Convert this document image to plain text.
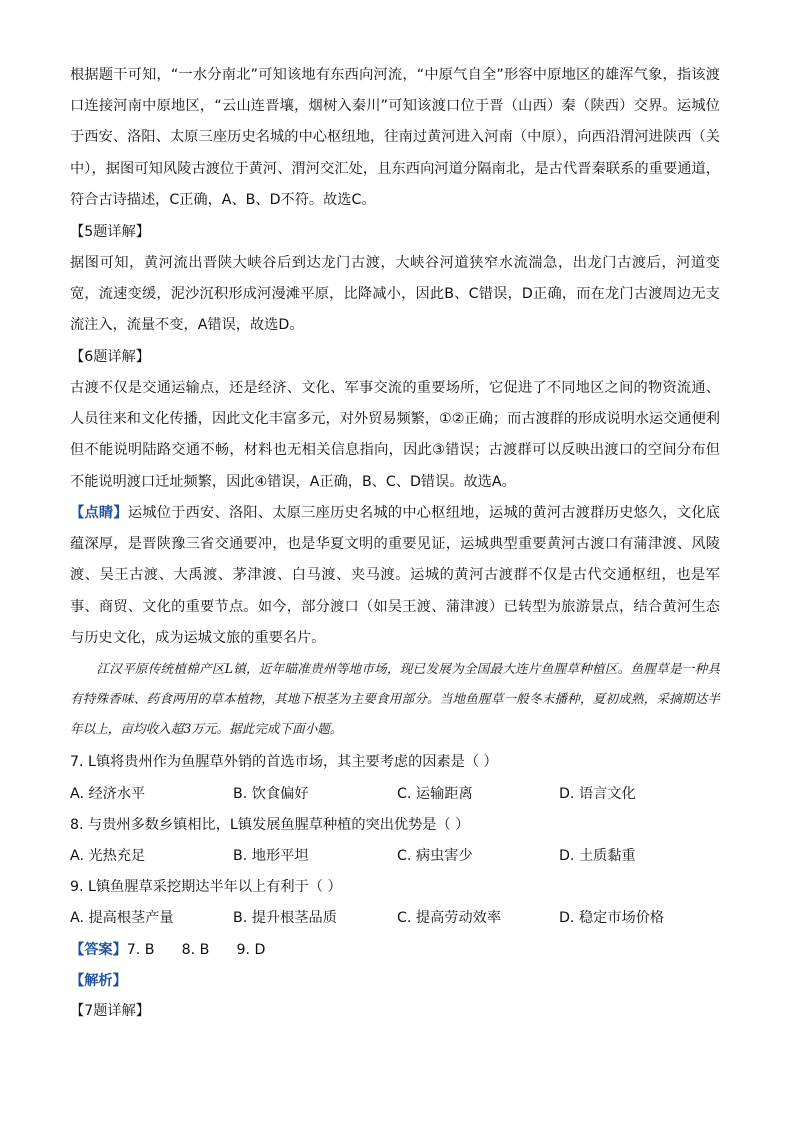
根据题干可知，“一水分南北”可知该地有东西向河流，“中原气自全”形容中原地区的雄浑气象，指该渡口连接河南中原地区，“云山连晋壤，烟树入秦川”可知该渡口位于晋（山西）秦（陕西）交界。运城位于西安、洛阳、太原三座历史名城的中心枢纽地，往南过黄河进入河南（中原），向西沿渭河进陕西（关中），据图可知风陵古渡位于黄河、渭河交汇处，且东西向河道分隔南北，是古代晋秦联系的重要通道，符合古诗描述，C正确，A、B、D不符。故选C。

【5题详解】

据图可知，黄河流出晋陕大峡谷后到达龙门古渡，大峡谷河道狭窄水流湍急，出龙门古渡后，河道变宽，流速变缓，泥沙沉积形成河漫滩平原，比降减小，因此B、C错误，D正确，而在龙门古渡周边无支流注入，流量不变，A错误，故选D。

【6题详解】

古渡不仅是交通运输点，还是经济、文化、军事交流的重要场所，它促进了不同地区之间的物资流通、人员往来和文化传播，因此文化丰富多元，对外贸易频繁，①②正确；而古渡群的形成说明水运交通便利但不能说明陆路交通不畅，材料也无相关信息指向，因此③错误；古渡群可以反映出渡口的空间分布但不能说明渡口迁址频繁，因此④错误，A正确，B、C、D错误。故选A。

【点睛】运城位于西安、洛阳、太原三座历史名城的中心枢纽地，运城的黄河古渡群历史悠久，文化底蕴深厚，是晋陕豫三省交通要冲，也是华夏文明的重要见证，运城典型重要黄河古渡口有蒲津渡、风陵渡、吴王古渡、大禹渡、茅津渡、白马渡、夹马渡。运城的黄河古渡群不仅是古代交通枢纽，也是军事、商贸、文化的重要节点。如今，部分渡口（如吴王渡、蒲津渡）已转型为旅游景点，结合黄河生态与历史文化，成为运城文旅的重要名片。

江汉平原传统植棉产区L镇，近年瞄准贵州等地市场，现已发展为全国最大连片鱼腥草种植区。鱼腥草是一种具有特殊香味、药食两用的草本植物，其地下根茎为主要食用部分。当地鱼腥草一般冬末播种，夏初成熟，采摘期达半年以上，亩均收入超3万元。据此完成下面小题。

7. L镇将贵州作为鱼腥草外销的首选市场，其主要考虑的因素是（ ）
A. 经济水平	B. 饮食偏好	C. 运输距离	D. 语言文化
8. 与贵州多数乡镇相比，L镇发展鱼腥草种植的突出优势是（ ）
A. 光热充足	B. 地形平坦	C. 病虫害少	D. 土质黏重
9. L镇鱼腥草采挖期达半年以上有利于（ ）
A. 提高根茎产量	B. 提升根茎品质	C. 提高劳动效率	D. 稳定市场价格
【答案】7. B      8. B      9. D
【解析】
【7题详解】
